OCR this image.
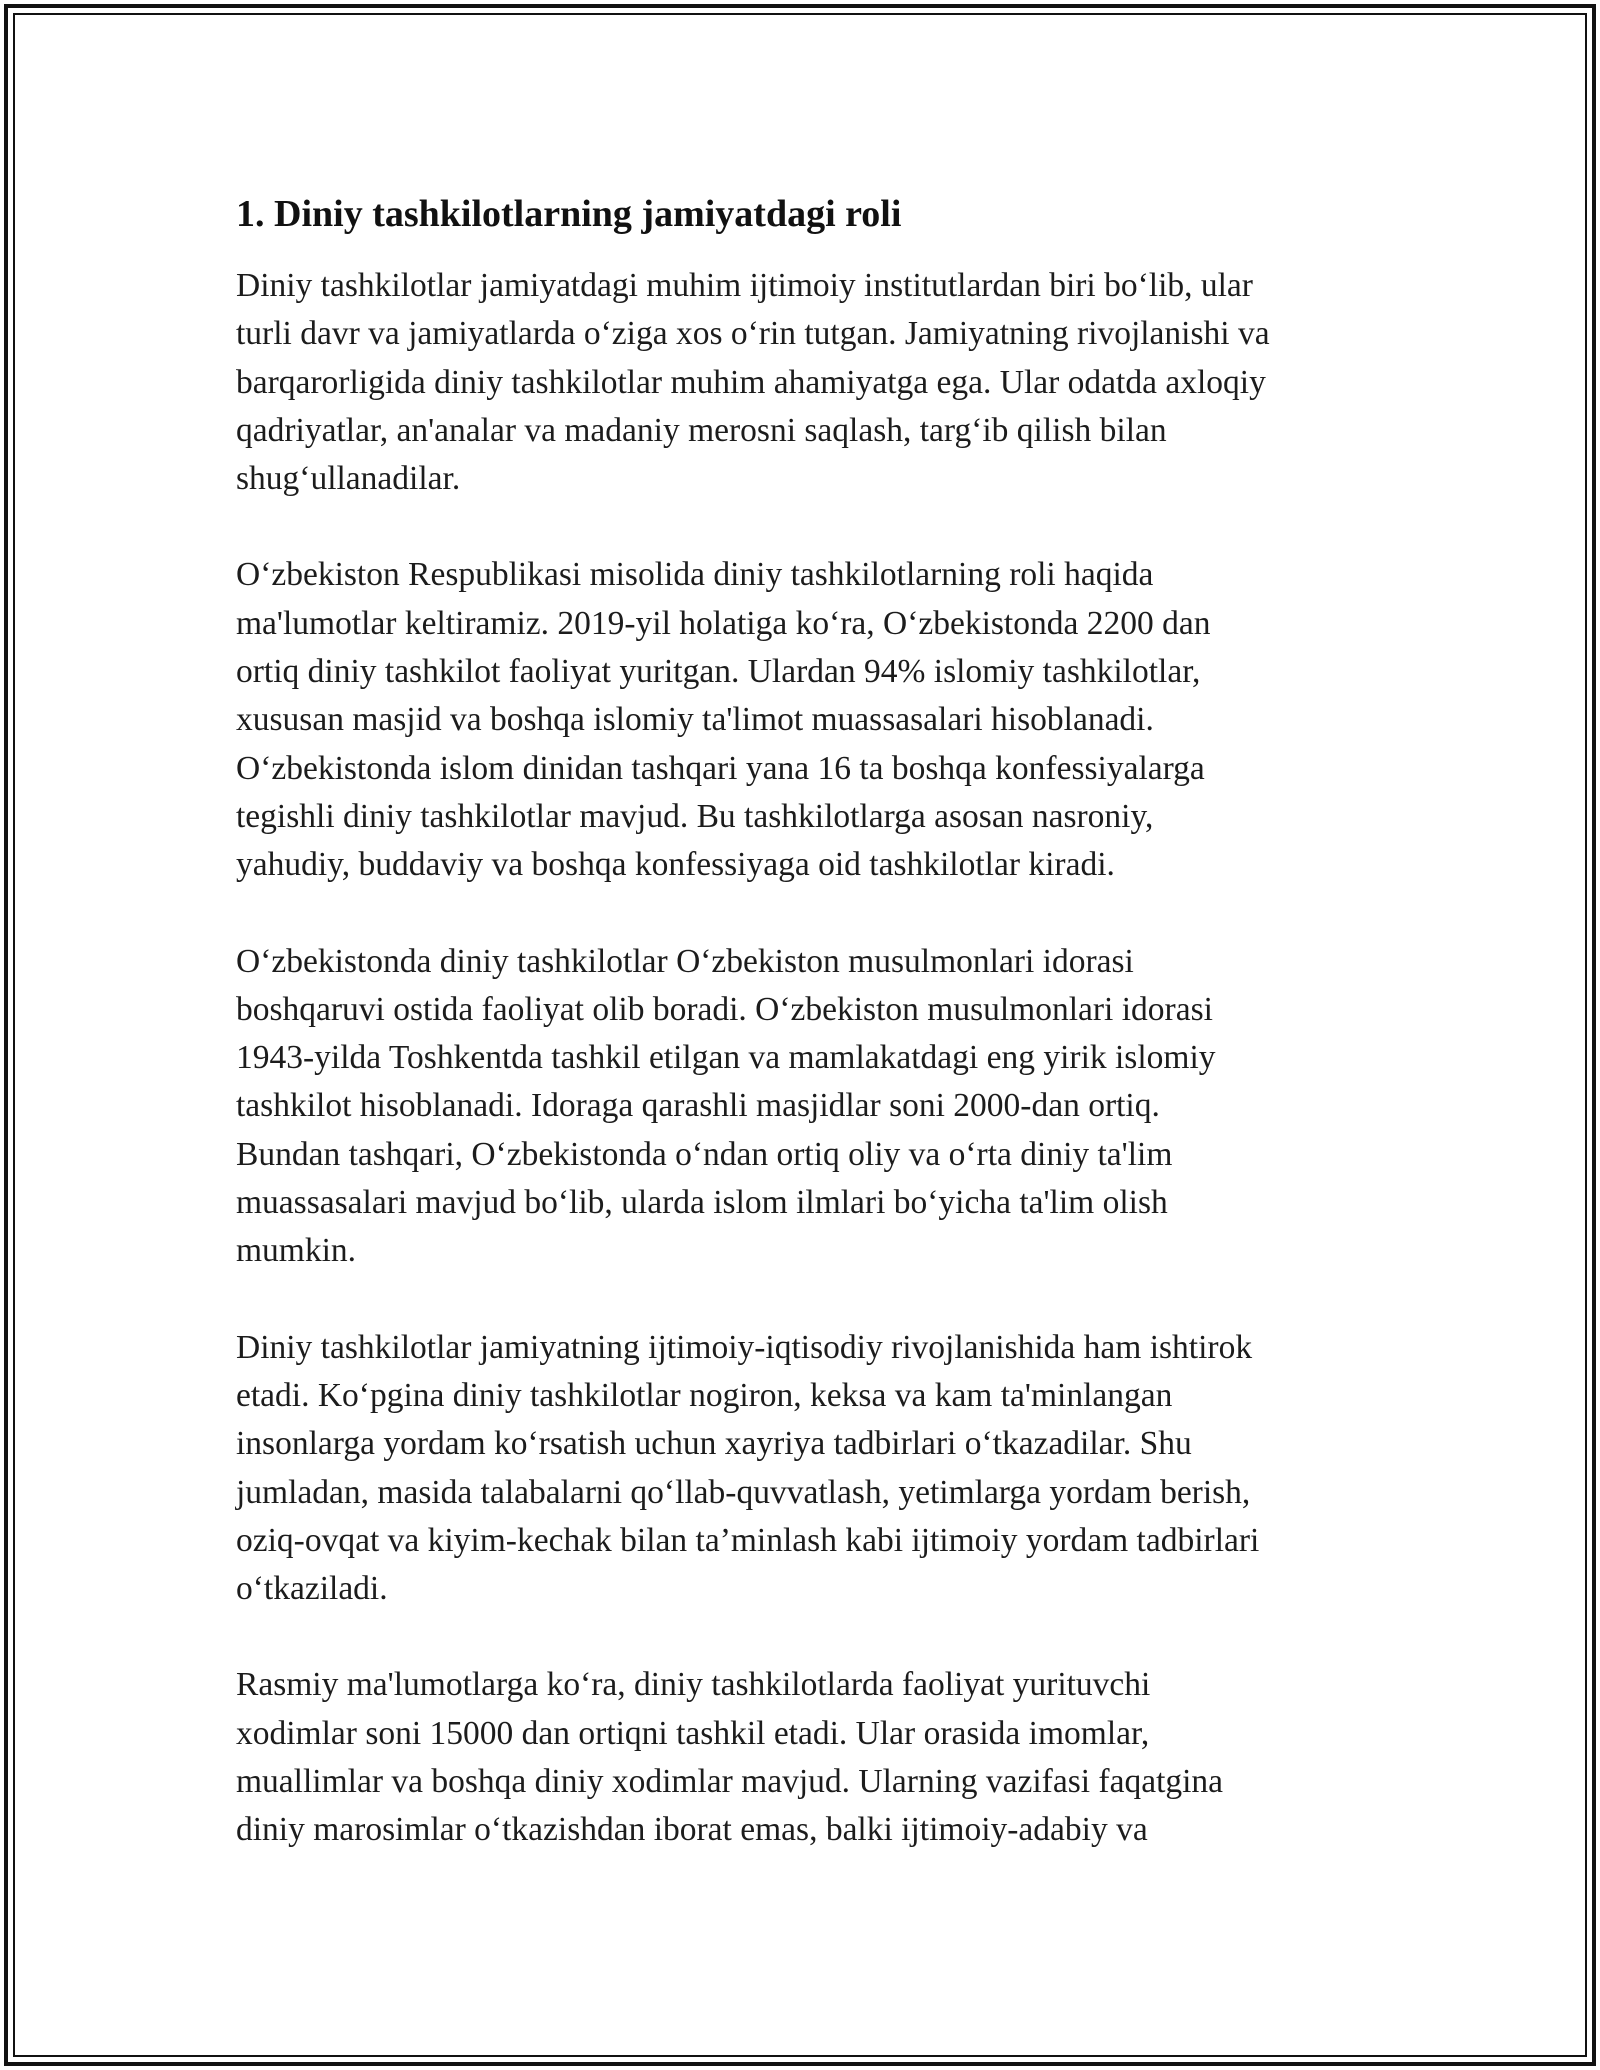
1. Diniy tashkilotlarning jamiyatdagi roli

Diniy tashkilotlar jamiyatdagi muhim ijtimoiy institutlardan biri bo‘lib, ular
turli davr va jamiyatlarda o‘ziga xos o‘rin tutgan. Jamiyatning rivojlanishi va
barqarorligida diniy tashkilotlar muhim ahamiyatga ega. Ular odatda axloqiy
qadriyatlar, an'analar va madaniy merosni saqlash, targ‘ib qilish bilan
shug‘ullanadilar.

O‘zbekiston Respublikasi misolida diniy tashkilotlarning roli haqida
ma'lumotlar keltiramiz. 2019-yil holatiga ko‘ra, O‘zbekistonda 2200 dan
ortiq diniy tashkilot faoliyat yuritgan. Ulardan 94% islomiy tashkilotlar,
xususan masjid va boshqa islomiy ta'limot muassasalari hisoblanadi.
O‘zbekistonda islom dinidan tashqari yana 16 ta boshqa konfessiyalarga
tegishli diniy tashkilotlar mavjud. Bu tashkilotlarga asosan nasroniy,
yahudiy, buddaviy va boshqa konfessiyaga oid tashkilotlar kiradi.

O‘zbekistonda diniy tashkilotlar O‘zbekiston musulmonlari idorasi
boshqaruvi ostida faoliyat olib boradi. O‘zbekiston musulmonlari idorasi
1943-yilda Toshkentda tashkil etilgan va mamlakatdagi eng yirik islomiy
tashkilot hisoblanadi. Idoraga qarashli masjidlar soni 2000-dan ortiq.
Bundan tashqari, O‘zbekistonda o‘ndan ortiq oliy va o‘rta diniy ta'lim
muassasalari mavjud bo‘lib, ularda islom ilmlari bo‘yicha ta'lim olish
mumkin.

Diniy tashkilotlar jamiyatning ijtimoiy-iqtisodiy rivojlanishida ham ishtirok
etadi. Ko‘pgina diniy tashkilotlar nogiron, keksa va kam ta'minlangan
insonlarga yordam ko‘rsatish uchun xayriya tadbirlari o‘tkazadilar. Shu
jumladan, masida talabalarni qo‘llab-quvvatlash, yetimlarga yordam berish,
oziq-ovqat va kiyim-kechak bilan ta’minlash kabi ijtimoiy yordam tadbirlari
o‘tkaziladi.

Rasmiy ma'lumotlarga ko‘ra, diniy tashkilotlarda faoliyat yurituvchi
xodimlar soni 15000 dan ortiqni tashkil etadi. Ular orasida imomlar,
muallimlar va boshqa diniy xodimlar mavjud. Ularning vazifasi faqatgina
diniy marosimlar o‘tkazishdan iborat emas, balki ijtimoiy-adabiy va
